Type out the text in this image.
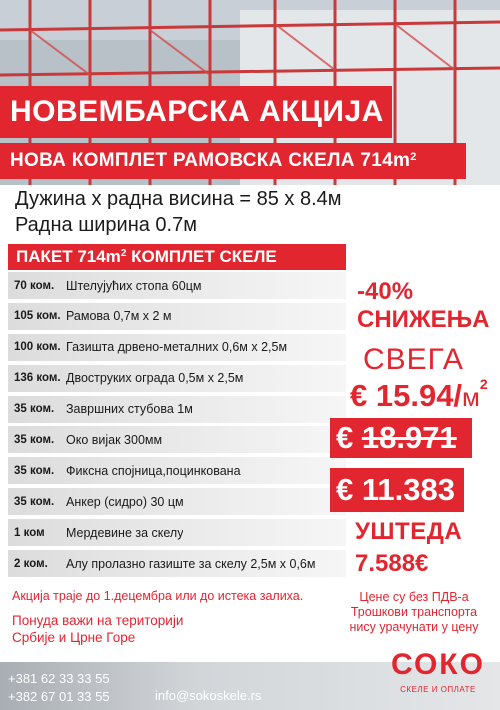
НОВЕМБАРСКА АКЦИЈА
НОВА КОМПЛЕТ РАМОВСКА СКЕЛА $714m^2$
Дужина x радна висина = 85 x 8.4м
Радна ширина 0.7м
ПАКЕТ $714m^2$ КОМПЛЕТ СКЕЛЕ
70 ком. Штелујућих стопа 60цм
105 ком. Рамова 0,7м x 2 м
100 ком. Газишта дрвено-металних 0,6м x 2,5м
136 ком. Двоструких ограда 0,5м x 2,5м
35 ком. Завршних стубова 1м
35 ком. Око вијак 300мм
35 ком. Фиксна спојница,поцинкована
35 ком. Анкер (сидро) 30 цм
1 ком	Мердевине за скелу
2 ком.	Алу пролазно газиште за скелу 2,5м x 0,6м
-40%
СНИЖЕЊА
СВЕГА
€ $15.94/м^2$
€ 18.971
€ 11.383
УШТЕДА
7.588€
Цене су без ПДВ-а
Трошкови транспорта
нису урачунати у цену
Акција траје до 1.децембра или до истека залиха.
Понуда важи на територији
Србије и Црне Горе
+381 62 33 33 55
+382 67 01 33 55	info@sokoskele.rs
СОКО
СКЕЛЕ И ОПЛАТЕ
